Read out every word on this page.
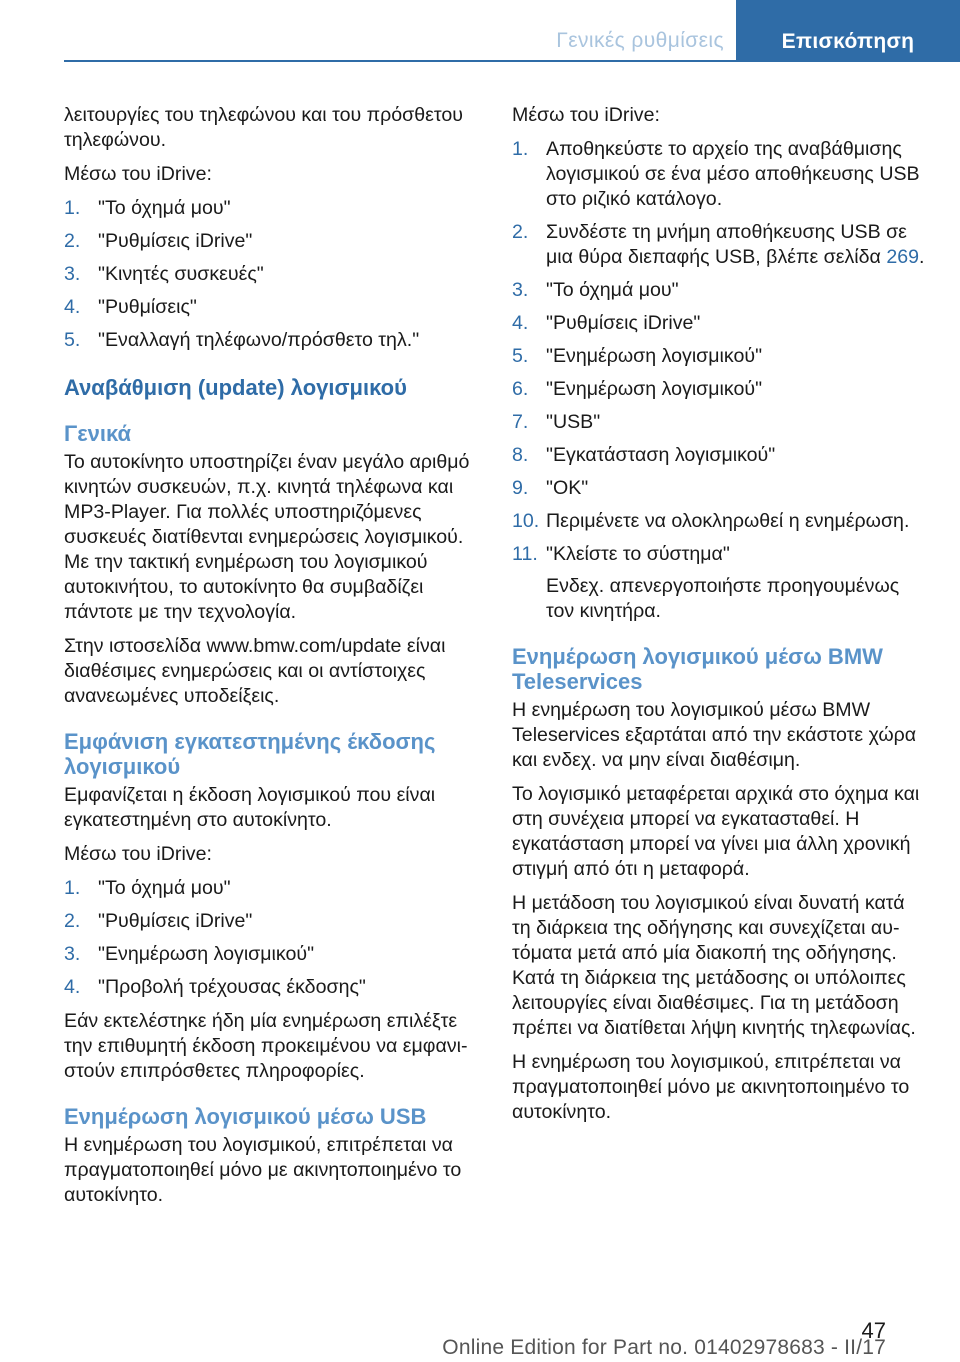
Γενικές ρυθμίσεις	Επισκόπηση

λειτουργίες του τηλεφώνου και του πρόσθετου τηλεφώνου.

Μέσω του iDrive:

1. "Το όχημά μου"
2. "Ρυθμίσεις iDrive"
3. "Κινητές συσκευές"
4. "Ρυθμίσεις"
5. "Εναλλαγή τηλέφωνο/πρόσθετο τηλ."
Αναβάθμιση (update) λογισμικού
Γενικά

Το αυτοκίνητο υποστηρίζει έναν μεγάλο αριθμό κινητών συσκευών, π.χ. κινητά τηλέφωνα και MP3-Player. Για πολλές υποστηριζόμενες συσκευές διατίθενται ενημερώσεις λογισμικού. Με την τακτική ενημέρωση του λογισμικού αυτοκινήτου, το αυτοκίνητο θα συμβαδίζει πάντοτε με την τεχνολογία.

Στην ιστοσελίδα www.bmw.com/update είναι διαθέσιμες ενημερώσεις και οι αντίστοιχες ανανεωμένες υποδείξεις.

Εμφάνιση εγκατεστημένης έκδοσης λογισμικού

Εμφανίζεται η έκδοση λογισμικού που είναι εγκατεστημένη στο αυτοκίνητο.

Μέσω του iDrive:

1. "Το όχημά μου"
2. "Ρυθμίσεις iDrive"
3. "Ενημέρωση λογισμικού"
4. "Προβολή τρέχουσας έκδοσης"

Εάν εκτελέστηκε ήδη μία ενημέρωση επιλέξτε την επιθυμητή έκδοση προκειμένου να εμφανιστούν επιπρόσθετες πληροφορίες.

Ενημέρωση λογισμικού μέσω USB

Η ενημέρωση του λογισμικού, επιτρέπεται να πραγματοποιηθεί μόνο με ακινητοποιημένο το αυτοκίνητο.

Μέσω του iDrive:

1. Αποθηκεύστε το αρχείο της αναβάθμισης λογισμικού σε ένα μέσο αποθήκευσης USB στο ριζικό κατάλογο.
2. Συνδέστε τη μνήμη αποθήκευσης USB σε μια θύρα διεπαφής USB, βλέπε σελίδα 269.
3. "Το όχημά μου"
4. "Ρυθμίσεις iDrive"
5. "Ενημέρωση λογισμικού"
6. "Ενημέρωση λογισμικού"
7. "USB"
8. "Εγκατάσταση λογισμικού"
9. "OK"
10. Περιμένετε να ολοκληρωθεί η ενημέρωση.
11. "Κλείστε το σύστημα"

Ενδεχ. απενεργοποιήστε προηγουμένως τον κινητήρα.

Ενημέρωση λογισμικού μέσω BMW Teleservices

Η ενημέρωση του λογισμικού μέσω BMW Teleservices εξαρτάται από την εκάστοτε χώρα και ενδεχ. να μην είναι διαθέσιμη.

Το λογισμικό μεταφέρεται αρχικά στο όχημα και στη συνέχεια μπορεί να εγκατασταθεί. Η εγκατάσταση μπορεί να γίνει μια άλλη χρονική στιγμή από ότι η μεταφορά.

Η μετάδοση του λογισμικού είναι δυνατή κατά τη διάρκεια της οδήγησης και συνεχίζεται αυτόματα μετά από μία διακοπή της οδήγησης. Κατά τη διάρκεια της μετάδοσης οι υπόλοιπες λειτουργίες είναι διαθέσιμες. Για τη μετάδοση πρέπει να διατίθεται λήψη κινητής τηλεφωνίας.

Η ενημέρωση του λογισμικού, επιτρέπεται να πραγματοποιηθεί μόνο με ακινητοποιημένο το αυτοκίνητο.

47
Online Edition for Part no. 01402978683 - II/17
